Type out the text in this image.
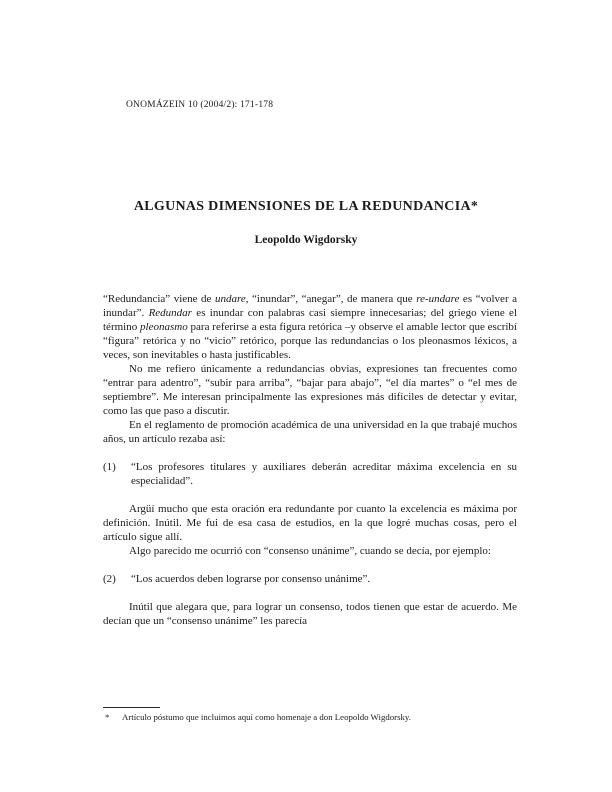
ONOMÁZEIN 10 (2004/2): 171-178
ALGUNAS DIMENSIONES DE LA REDUNDANCIA*
Leopoldo Wigdorsky

“Redundancia” viene de undare, “inundar”, “anegar”, de manera que re-undare es “volver a inundar”. Redundar es inundar con palabras casi siempre innecesarias; del griego viene el término pleonasmo para referirse a esta figura retórica –y observe el amable lector que escribí “figura” retórica y no “vicio” retórico, porque las redundancias o los pleonasmos léxicos, a veces, son inevitables o hasta justificables.

No me refiero únicamente a redundancias obvias, expresiones tan frecuentes como “entrar para adentro”, “subir para arriba”, “bajar para abajo”, “el día martes” o “el mes de septiembre”. Me interesan principalmente las expresiones más difíciles de detectar y evitar, como las que paso a discutir.

En el reglamento de promoción académica de una universidad en la que trabajé muchos años, un artículo rezaba así:

(1) “Los profesores titulares y auxiliares deberán acreditar máxima excelencia en su especialidad”.

Argüí mucho que esta oración era redundante por cuanto la excelencia es máxima por definición. Inútil. Me fui de esa casa de estudios, en la que logré muchas cosas, pero el artículo sigue allí.

Algo parecido me ocurrió con “consenso unánime”, cuando se decía, por ejemplo:

(2) “Los acuerdos deben lograrse por consenso unánime”.

Inútil que alegara que, para lograr un consenso, todos tienen que estar de acuerdo. Me decían que un “consenso unánime” les parecía

*	Artículo póstumo que incluimos aquí como homenaje a don Leopoldo Wigdorsky.
